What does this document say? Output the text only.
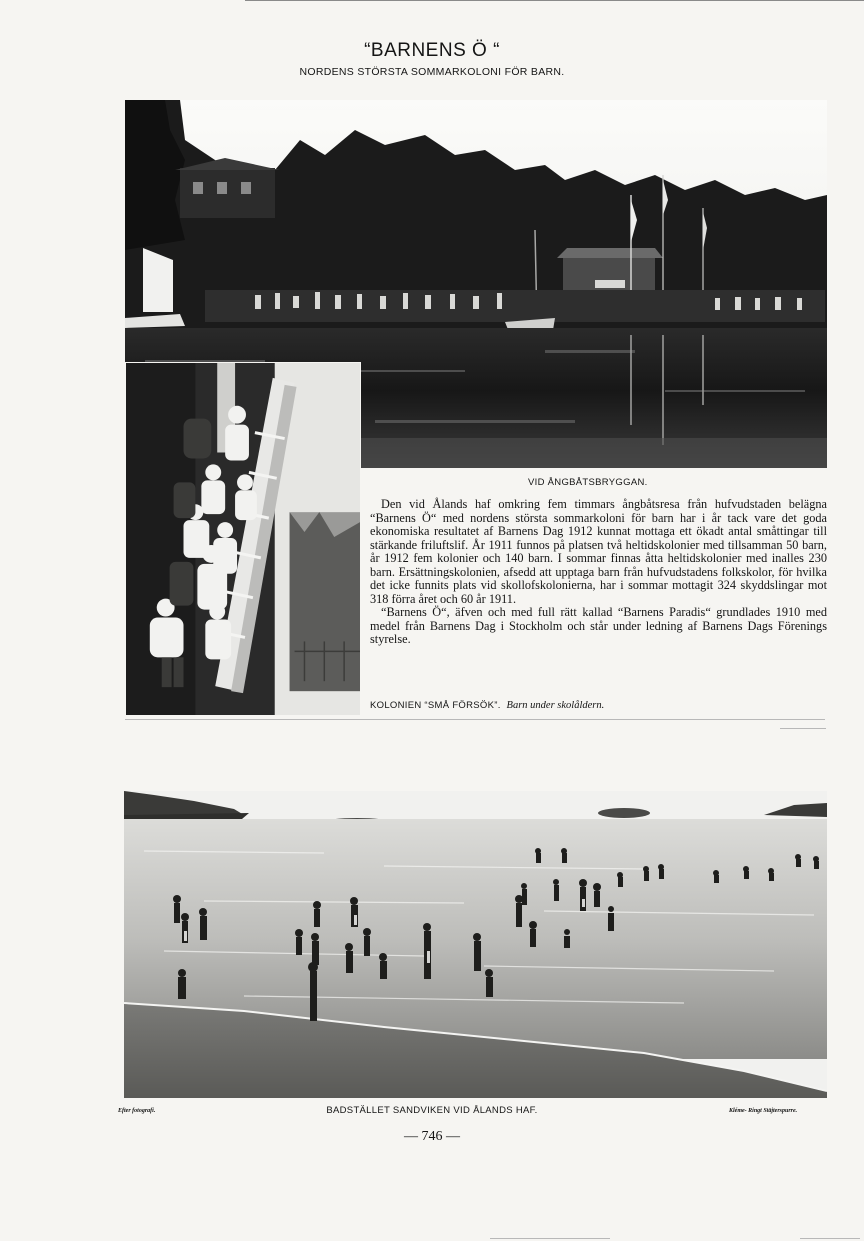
“BARNENS Ö “
NORDENS STÖRSTA SOMMARKOLONI FÖR BARN.
VID ÅNGBÅTSBRYGGAN.

Den vid Ålands haf omkring fem timmars ångbåtsresa från hufvudstaden belägna “Barnens Ö“ med nordens största sommarkoloni för barn har i år tack vare det goda ekonomiska resultatet af Barnens Dag 1912 kunnat mottaga ett ökadt antal småttingar till stärkande friluftslif. År 1911 funnos på platsen två heltidskolonier med tillsamman 50 barn, år 1912 fem kolonier och 140 barn. I sommar finnas åtta heltidskolonier med inalles 230 barn. Ersättningskolonien, afsedd att upptaga barn från hufvudstadens folkskolor, för hvilka det icke funnits plats vid skollofskolonierna, har i sommar mottagit 324 skyddslingar mot 318 förra året och 60 år 1911.

“Barnens Ö“, äfven och med full rätt kallad “Barnens Paradis“ grundlades 1910 med medel från Barnens Dag i Stockholm och står under ledning af Barnens Dags Förenings styrelse.

KOLONIEN “SMÅ FÖRSÖK”. Barn under skolåldern.
Efter fotografi.	BADSTÄLLET SANDVIKEN VID ÅLANDS HAF.	Kléme- Ringt Stäjterspurre.
— 746 —
